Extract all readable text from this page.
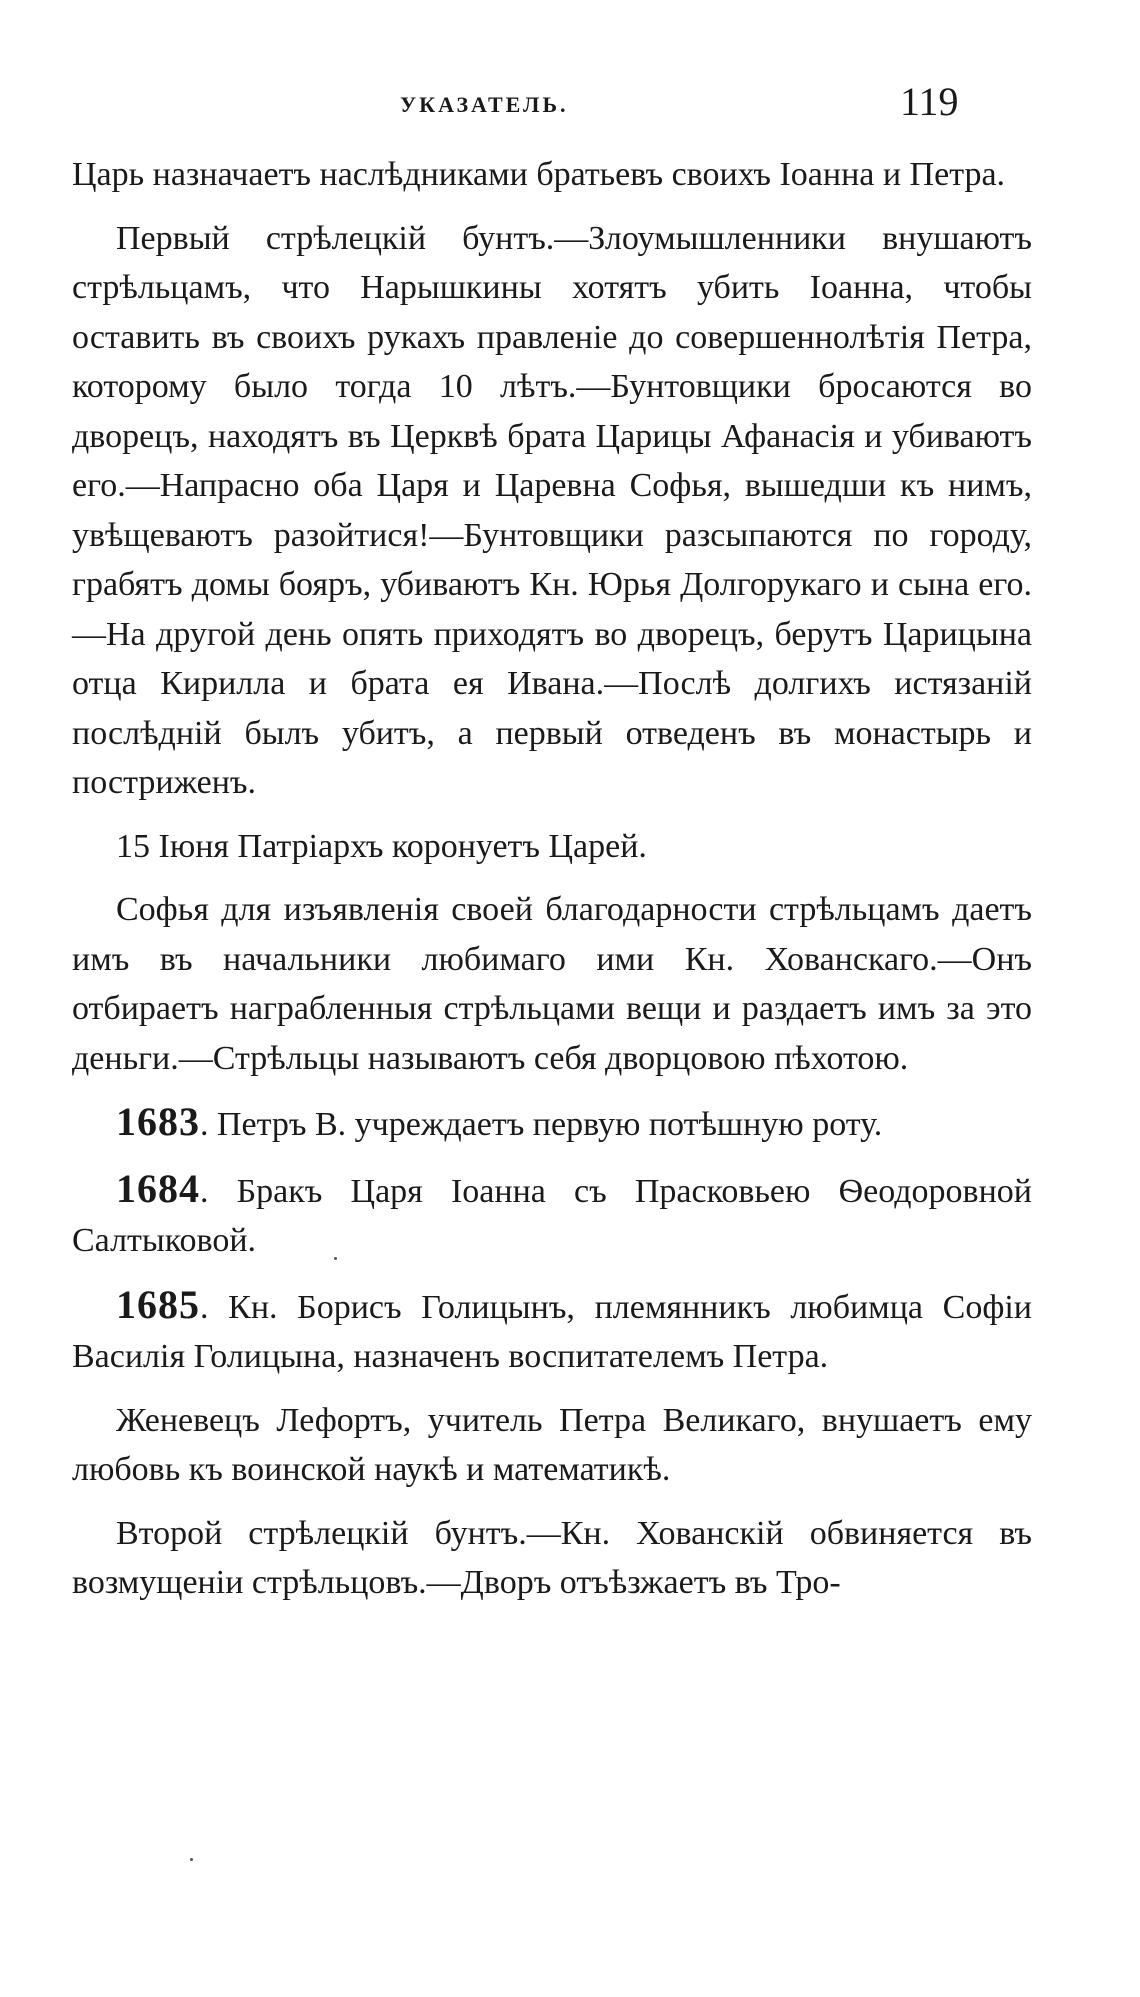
УКАЗАТЕЛЬ.	119

Царь назначаетъ наслѣдниками братьевъ своихъ Іоанна и Петра.

Первый стрѣлецкій бунтъ.—Злоумышленники внушаютъ стрѣльцамъ, что Нарышкины хотятъ убить Іоанна, чтобы оставить въ своихъ рукахъ правленіе до совершеннолѣтія Петра, которому было тогда 10 лѣтъ.—Бунтовщики бросаются во дворецъ, находятъ въ Церквѣ брата Царицы Афанасія и убиваютъ его.—Напрасно оба Царя и Царевна Софья, вышедши къ нимъ, увѣщеваютъ разойтися!—Бунтовщики разсыпаются по городу, грабятъ домы бояръ, убиваютъ Кн. Юрья Долгорукаго и сына его.—На другой день опять приходятъ во дворецъ, берутъ Царицына отца Кирилла и брата ея Ивана.—Послѣ долгихъ истязаній послѣдній былъ убитъ, а первый отведенъ въ монастырь и постриженъ.

15 Іюня Патріархъ коронуетъ Царей.

Софья для изъявленія своей благодарности стрѣльцамъ даетъ имъ въ начальники любимаго ими Кн. Хованскаго.—Онъ отбираетъ награбленныя стрѣльцами вещи и раздаетъ имъ за это деньги.—Стрѣльцы называютъ себя дворцовою пѣхотою.

1683. Петръ В. учреждаетъ первую потѣшную роту.

1684. Бракъ Царя Іоанна съ Прасковьею Ѳеодоровной Салтыковой.

1685. Кн. Борисъ Голицынъ, племянникъ любимца Софіи Василія Голицына, назначенъ воспитателемъ Петра.

Женевецъ Лефортъ, учитель Петра Великаго, внушаетъ ему любовь къ воинской наукѣ и математикѣ.

Второй стрѣлецкій бунтъ.—Кн. Хованскій обвиняется въ возмущеніи стрѣльцовъ.—Дворъ отъѣзжаетъ въ Тро-
